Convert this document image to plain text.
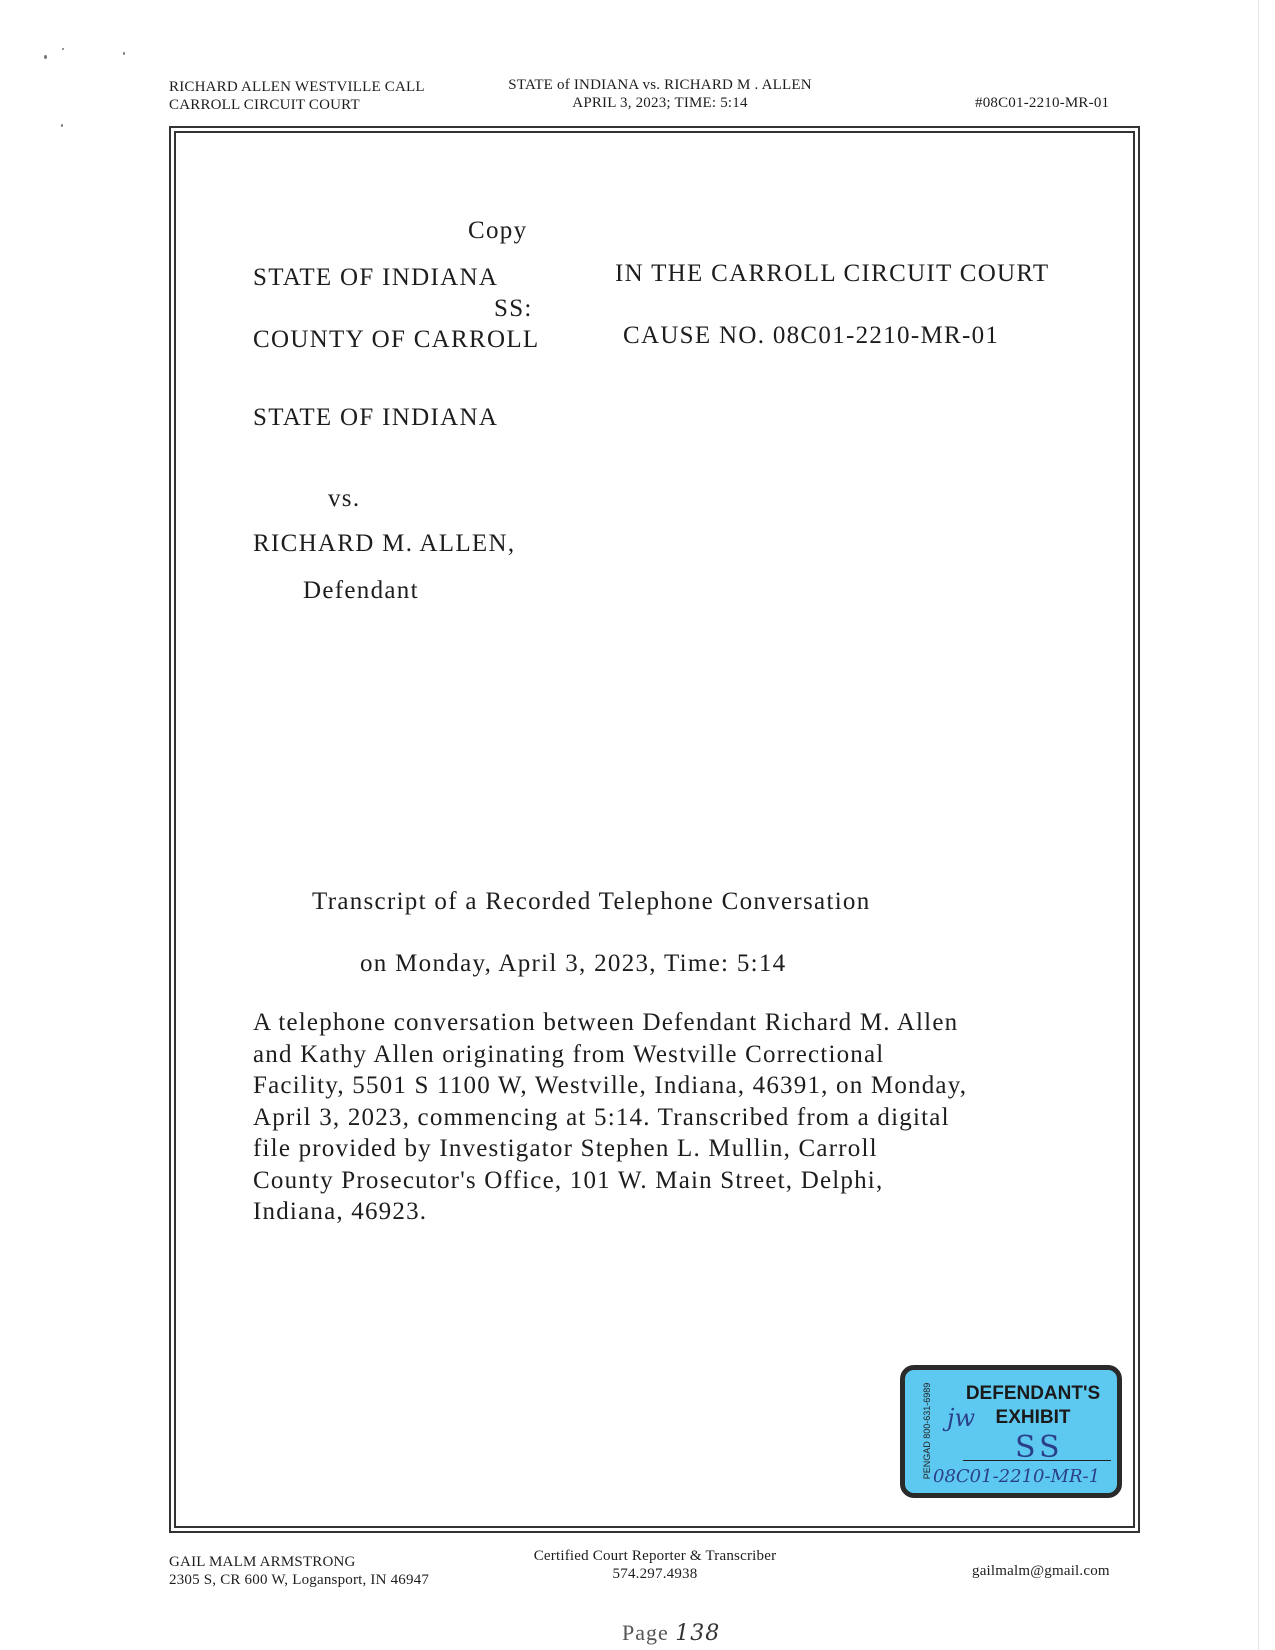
RICHARD ALLEN WESTVILLE CALL
CARROLL CIRCUIT COURT
STATE of INDIANA vs. RICHARD M . ALLEN
APRIL 3, 2023; TIME: 5:14	#08C01-2210-MR-01
Copy
STATE OF INDIANA
SS:
COUNTY OF CARROLL
IN THE CARROLL CIRCUIT COURT
CAUSE NO. 08C01-2210-MR-01
STATE OF INDIANA
vs.
RICHARD M. ALLEN,
Defendant
Transcript of a Recorded Telephone Conversation
on Monday, April 3, 2023, Time: 5:14
A telephone conversation between Defendant Richard M. Allen
and Kathy Allen originating from Westville Correctional
Facility, 5501 S 1100 W, Westville, Indiana, 46391, on Monday,
April 3, 2023, commencing at 5:14. Transcribed from a digital
file provided by Investigator Stephen L. Mullin, Carroll
County Prosecutor's Office, 101 W. Main Street, Delphi,
Indiana, 46923.
PENGAD 800-631-6989	DEFENDANT'S
EXHIBIT
jw
SS
08C01-2210-MR-1
GAIL MALM ARMSTRONG
2305 S, CR 600 W, Logansport, IN 46947
Certified Court Reporter & Transcriber
574.297.4938	gailmalm@gmail.com
Page 138
